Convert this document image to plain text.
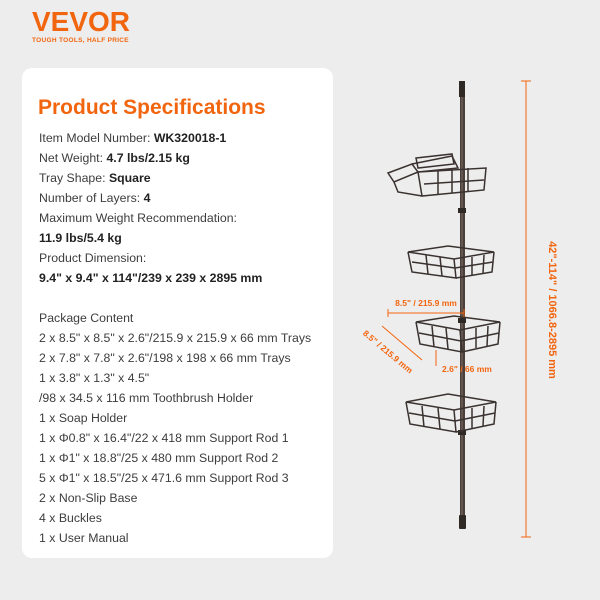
VEVOR
TOUGH TOOLS, HALF PRICE
Product Specifications
Item Model Number: WK320018-1
Net Weight: 4.7 lbs/2.15 kg
Tray Shape: Square
Number of Layers: 4
Maximum Weight Recommendation:
11.9 lbs/5.4 kg
Product Dimension:
9.4" x 9.4" x 114"/239 x 239 x 2895 mm
Package Content
2 x 8.5" x 8.5" x 2.6"/215.9 x 215.9 x 66 mm Trays
2 x 7.8" x 7.8" x 2.6"/198 x 198 x 66 mm Trays
1 x 3.8" x 1.3" x 4.5"
/98 x 34.5 x 116 mm Toothbrush Holder
1 x Soap Holder
1 x Φ0.8" x 16.4"/22 x 418 mm Support Rod 1
1 x Φ1" x 18.8"/25 x 480 mm Support Rod 2
5 x Φ1" x 18.5"/25 x 471.6 mm Support Rod 3
2 x Non-Slip Base
4 x Buckles
1 x User Manual
42"-114" / 1066.8-2895 mm
8.5" / 215.9 mm
8.5" / 215.9 mm	2.6" / 66 mm
